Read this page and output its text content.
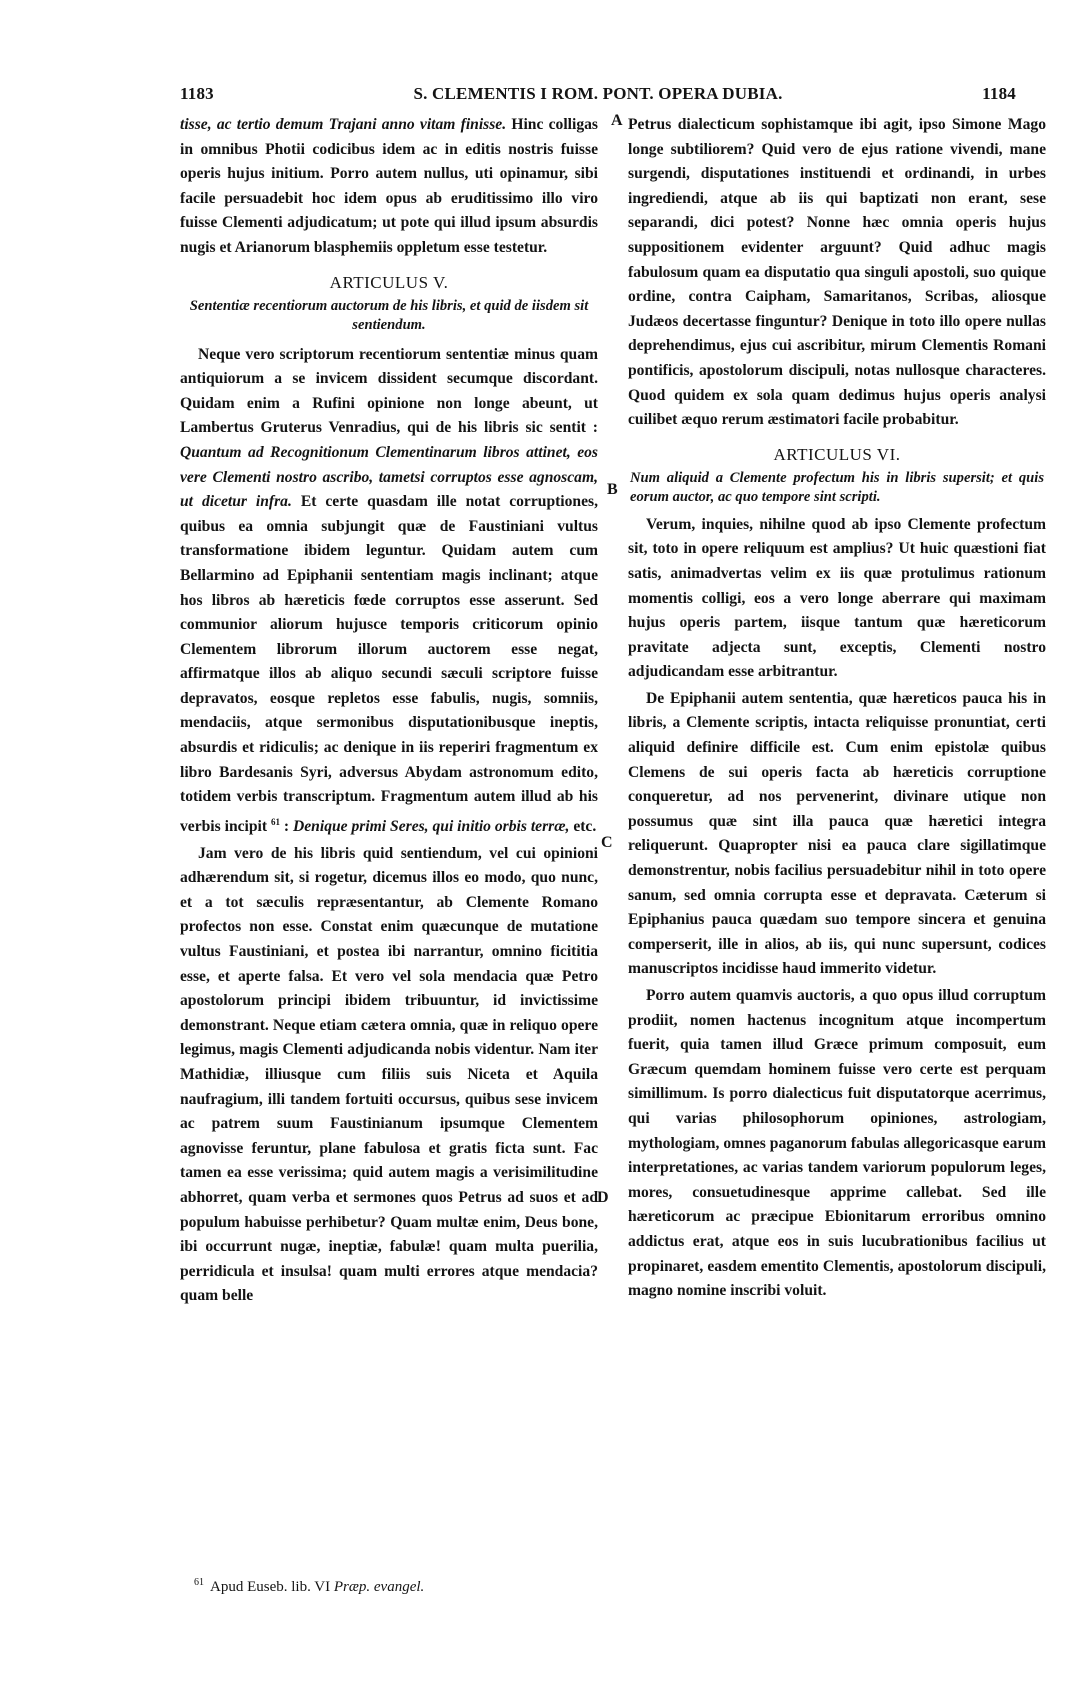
1183	S. CLEMENTIS I ROM. PONT. OPERA DUBIA.	1184

tisse, ac tertio demum Trajani anno vitam finisse. Hinc colligas in omnibus Photii codicibus idem ac in editis nostris fuisse operis hujus initium. Porro autem nullus, uti opinamur, sibi facile persuadebit hoc idem opus ab eruditissimo illo viro fuisse Clementi adjudicatum; ut pote qui illud ipsum absurdis nugis et Arianorum blasphemiis oppletum esse testetur.

ARTICULUS V.
Sententiæ recentiorum auctorum de his libris, et quid de iisdem sit sentiendum.

Neque vero scriptorum recentiorum sententiæ minus quam antiquiorum a se invicem dissident secumque discordant. Quidam enim a Rufini opinione non longe abeunt, ut Lambertus Gruterus Venradius, qui de his libris sic sentit : Quantum ad Recognitionum Clementinarum libros attinet, eos vere Clementi nostro ascribo, tametsi corruptos esse agnoscam, ut dicetur infra. Et certe quasdam ille notat corruptiones, quibus ea omnia subjungit quæ de Faustiniani vultus transformatione ibidem leguntur. Quidam autem cum Bellarmino ad Epiphanii sententiam magis inclinant; atque hos libros ab hæreticis fœde corruptos esse asserunt. Sed communior aliorum hujusce temporis criticorum opinio Clementem librorum illorum auctorem esse negat, affirmatque illos ab aliquo secundi sæculi scriptore fuisse depravatos, eosque repletos esse fabulis, nugis, somniis, mendaciis, atque sermonibus disputationibusque ineptis, absurdis et ridiculis; ac denique in iis reperiri fragmentum ex libro Bardesanis Syri, adversus Abydam astronomum edito, totidem verbis transcriptum. Fragmentum autem illud ab his verbis incipit $^{61}$ : Denique primi Seres, qui initio orbis terræ, etc.

Jam vero de his libris quid sentiendum, vel cui opinioni adhærendum sit, si rogetur, dicemus illos eo modo, quo nunc, et a tot sæculis repræsentantur, ab Clemente Romano profectos non esse. Constat enim quæcunque de mutatione vultus Faustiniani, et postea ibi narrantur, omnino ficititia esse, et aperte falsa. Et vero vel sola mendacia quæ Petro apostolorum principi ibidem tribuuntur, id invictissime demonstrant. Neque etiam cætera omnia, quæ in reliquo opere legimus, magis Clementi adjudicanda nobis videntur. Nam iter Mathidiæ, illiusque cum filiis suis Niceta et Aquila naufragium, illi tandem fortuiti occursus, quibus sese invicem ac patrem suum Faustinianum ipsumque Clementem agnovisse feruntur, plane fabulosa et gratis ficta sunt. Fac tamen ea esse verissima; quid autem magis a verisimilitudine abhorret, quam verba et sermones quos Petrus ad suos et ad populum habuisse perhibetur? Quam multæ enim, Deus bone, ibi occurrunt nugæ, ineptiæ, fabulæ! quam multa puerilia, perridicula et insulsa! quam multi errores atque mendacia? quam belle

Petrus dialecticum sophistamque ibi agit, ipso Simone Mago longe subtiliorem? Quid vero de ejus ratione vivendi, mane surgendi, disputationes instituendi et ordinandi, in urbes ingrediendi, atque ab iis qui baptizati non erant, sese separandi, dici potest? Nonne hæc omnia operis hujus suppositionem evidenter arguunt? Quid adhuc magis fabulosum quam ea disputatio qua singuli apostoli, suo quique ordine, contra Caipham, Samaritanos, Scribas, aliosque Judæos decertasse finguntur? Denique in toto illo opere nullas deprehendimus, ejus cui ascribitur, mirum Clementis Romani pontificis, apostolorum discipuli, notas nullosque characteres. Quod quidem ex sola quam dedimus hujus operis analysi cuilibet æquo rerum æstimatori facile probabitur.

ARTICULUS VI.
Num aliquid a Clemente profectum his in libris supersit; et quis eorum auctor, ac quo tempore sint scripti.

Verum, inquies, nihilne quod ab ipso Clemente profectum sit, toto in opere reliquum est amplius? Ut huic quæstioni fiat satis, animadvertas velim ex iis quæ protulimus rationum momentis colligi, eos a vero longe aberrare qui maximam hujus operis partem, iisque tantum quæ hæreticorum pravitate adjecta sunt, exceptis, Clementi nostro adjudicandam esse arbitrantur.

De Epiphanii autem sententia, quæ hæreticos pauca his in libris, a Clemente scriptis, intacta reliquisse pronuntiat, certi aliquid definire difficile est. Cum enim epistolæ quibus Clemens de sui operis facta ab hæreticis corruptione conqueretur, ad nos pervenerint, divinare utique non possumus quæ sint illa pauca quæ hæretici integra reliquerunt. Quapropter nisi ea pauca clare sigillatimque demonstrentur, nobis facilius persuadebitur nihil in toto opere sanum, sed omnia corrupta esse et depravata. Cæterum si Epiphanius pauca quædam suo tempore sincera et genuina comperserit, ille in alios, ab iis, qui nunc supersunt, codices manuscriptos incidisse haud immerito videtur.

Porro autem quamvis auctoris, a quo opus illud corruptum prodiit, nomen hactenus incognitum atque incompertum fuerit, quia tamen illud Græce primum composuit, eum Græcum quemdam hominem fuisse vero certe est perquam simillimum. Is porro dialecticus fuit disputatorque acerrimus, qui varias philosophorum opiniones, astrologiam, mythologiam, omnes paganorum fabulas allegoricasque earum interpretationes, ac varias tandem variorum populorum leges, mores, consuetudinesque apprime callebat. Sed ille hæreticorum ac præcipue Ebionitarum erroribus omnino addictus erat, atque eos in suis lucubrationibus facilius ut propinaret, easdem ementito Clementis, apostolorum discipuli, magno nomine inscribi voluit.

A
B
C
D
$^{61}$ Apud Euseb. lib. VI Præp. evangel.
